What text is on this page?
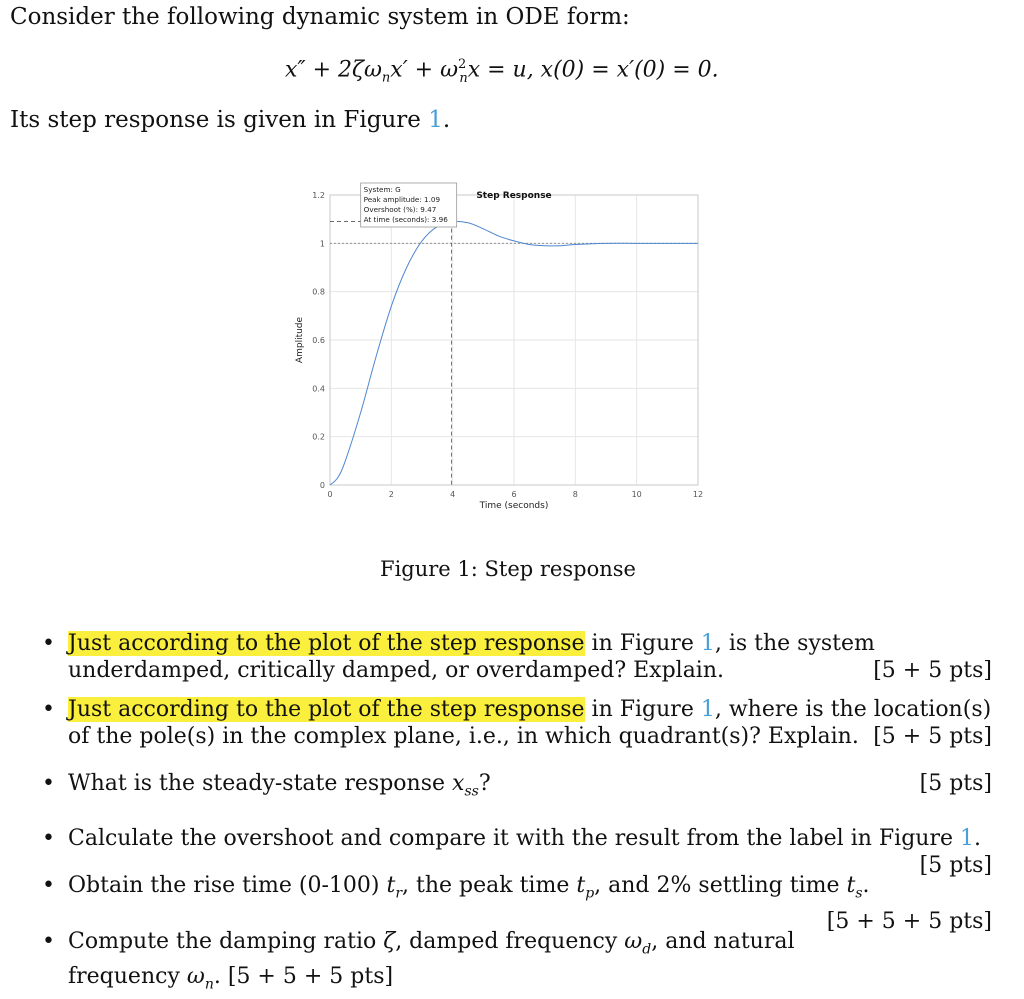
Consider the following dynamic system in ODE form:
$x'' + 2\zeta\omega_nx' + \omega^2_nx = u$, x(0) = x′(0) = 0.
Its step response is given in Figure 1.
0	2	4	6	8	10	12
0
0.2
0.4
0.6
0.8
1
1.2
Time (seconds)
Amplitude
Step Response
System: G
Peak amplitude: 1.09
Overshoot (%): 9.47
At time (seconds): 3.96
Figure 1: Step response
• Just according to the plot of the step response in Figure 1, is the system underdamped, critically damped, or overdamped? Explain.	[5 + 5 pts]
• Just according to the plot of the step response in Figure 1, where is the location(s) of the pole(s) in the complex plane, i.e., in which quadrant(s)? Explain. [5 + 5 pts]
• What is the steady-state response $x_{ss}$?	[5 pts]
• Calculate the overshoot and compare it with the result from the label in Figure 1.
[5 pts]
• Obtain the rise time (0-100) $t_r$, the peak time $t_p$, and 2% settling time $t_s$.
[5 + 5 + 5 pts]
• Compute the damping ratio ζ, damped frequency $\omega_d$, and natural frequency $\omega_n$. [5 + 5 + 5 pts]
